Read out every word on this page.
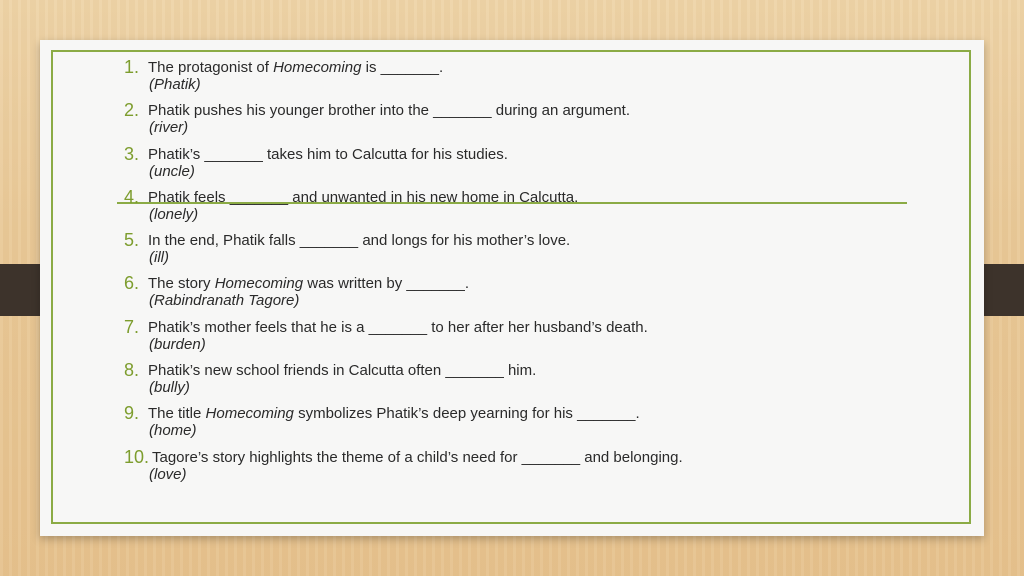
1. The protagonist of Homecoming is _______.
(Phatik)
2. Phatik pushes his younger brother into the _______ during an argument.
(river)
3. Phatik’s _______ takes him to Calcutta for his studies.
(uncle)
4. Phatik feels _______ and unwanted in his new home in Calcutta.
(lonely)
5. In the end, Phatik falls _______ and longs for his mother’s love.
(ill)
6. The story Homecoming was written by _______.
(Rabindranath Tagore)
7. Phatik’s mother feels that he is a _______ to her after her husband’s death.
(burden)
8. Phatik’s new school friends in Calcutta often _______ him.
(bully)
9. The title Homecoming symbolizes Phatik’s deep yearning for his _______.
(home)
10. Tagore’s story highlights the theme of a child’s need for _______ and belonging.
(love)
